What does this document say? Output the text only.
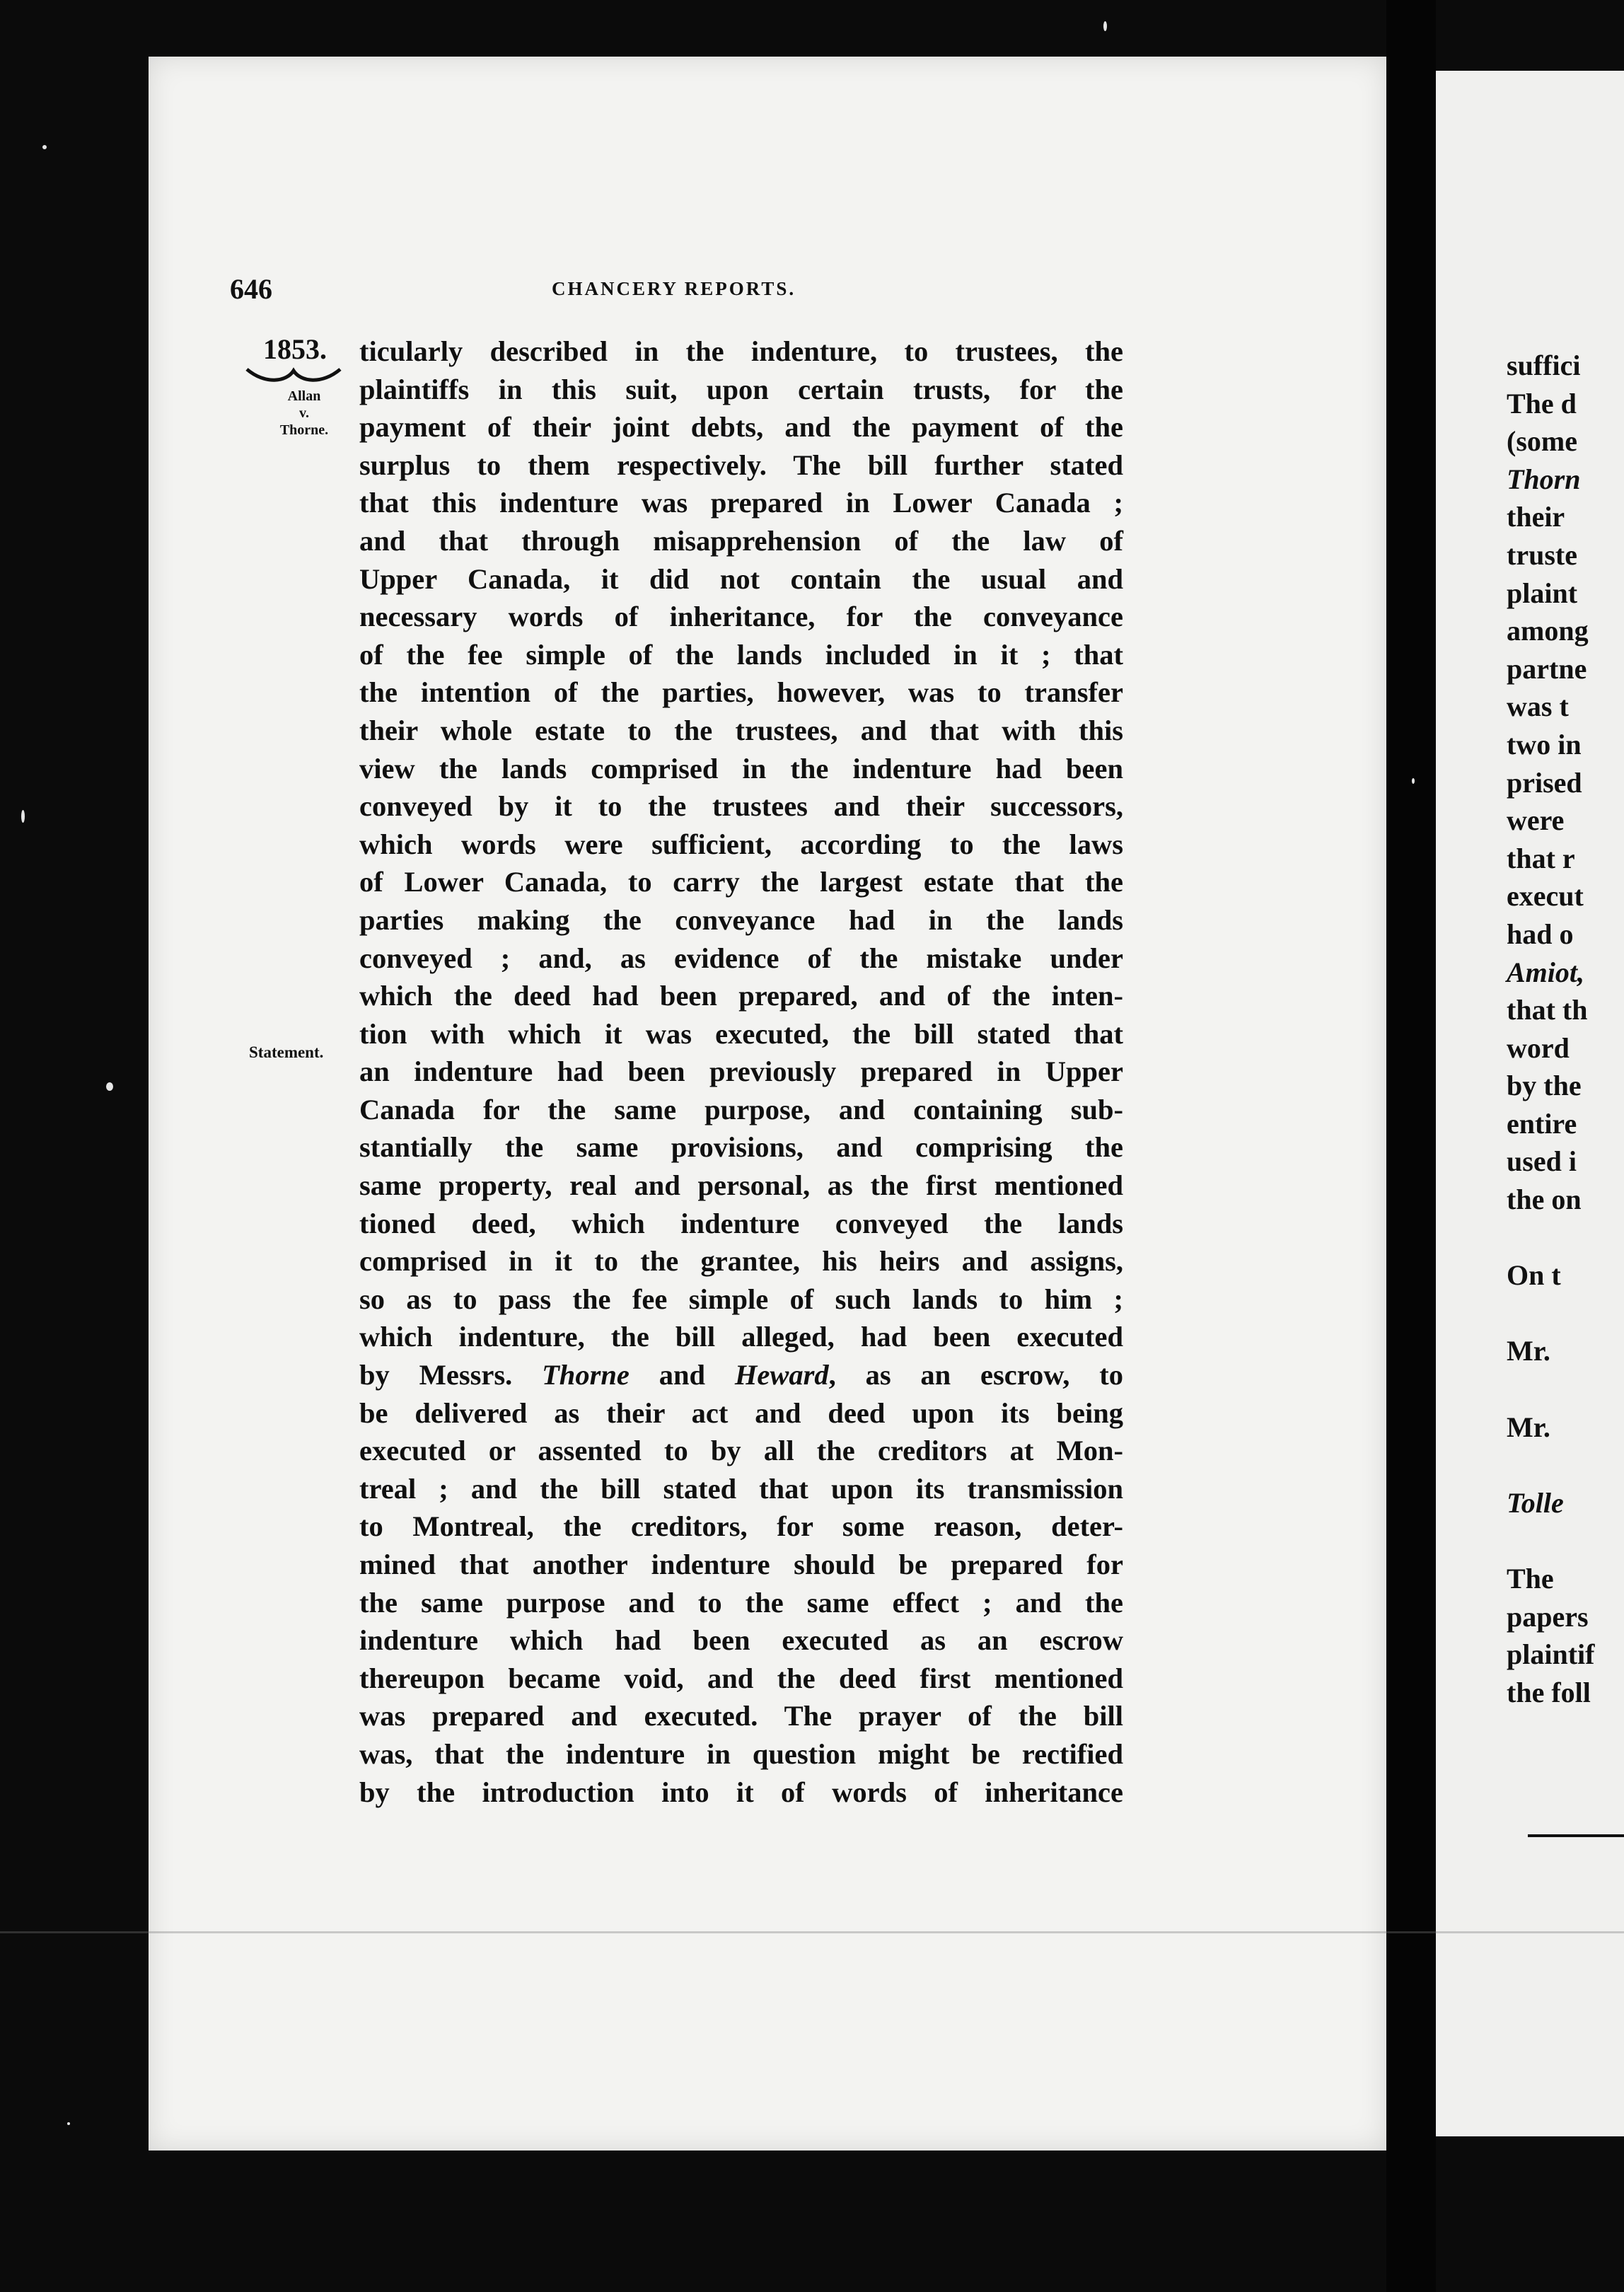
646	CHANCERY REPORTS.
1853.
Allan
v.
Thorne.
Statement.
ticularly described in the indenture, to trustees, the
plaintiffs in this suit, upon certain trusts, for the
payment of their joint debts, and the payment of the
surplus to them respectively. The bill further stated
that this indenture was prepared in Lower Canada ;
and that through misapprehension of the law of
Upper Canada, it did not contain the usual and
necessary words of inheritance, for the conveyance
of the fee simple of the lands included in it ; that
the intention of the parties, however, was to transfer
their whole estate to the trustees, and that with this
view the lands comprised in the indenture had been
conveyed by it to the trustees and their successors,
which words were sufficient, according to the laws
of Lower Canada, to carry the largest estate that the
parties making the conveyance had in the lands
conveyed ; and, as evidence of the mistake under
which the deed had been prepared, and of the inten-
tion with which it was executed, the bill stated that
an indenture had been previously prepared in Upper
Canada for the same purpose, and containing sub-
stantially the same provisions, and comprising the
same property, real and personal, as the first mentioned
tioned deed, which indenture conveyed the lands
comprised in it to the grantee, his heirs and assigns,
so as to pass the fee simple of such lands to him ;
which indenture, the bill alleged, had been executed
by Messrs. Thorne and Heward, as an escrow, to
be delivered as their act and deed upon its being
executed or assented to by all the creditors at Mon-
treal ; and the bill stated that upon its transmission
to Montreal, the creditors, for some reason, deter-
mined that another indenture should be prepared for
the same purpose and to the same effect ; and the
indenture which had been executed as an escrow
thereupon became void, and the deed first mentioned
was prepared and executed. The prayer of the bill
was, that the indenture in question might be rectified
by the introduction into it of words of inheritance
suffici
The d
(some
Thorn
their
truste
plaint
among
partne
was t
two in
prised
were
that r
execut
had o
Amiot,
that th
word
by the
entire
used i
the on
On t
Mr.
Mr.
Tolle
The
papers
plaintif
the foll
